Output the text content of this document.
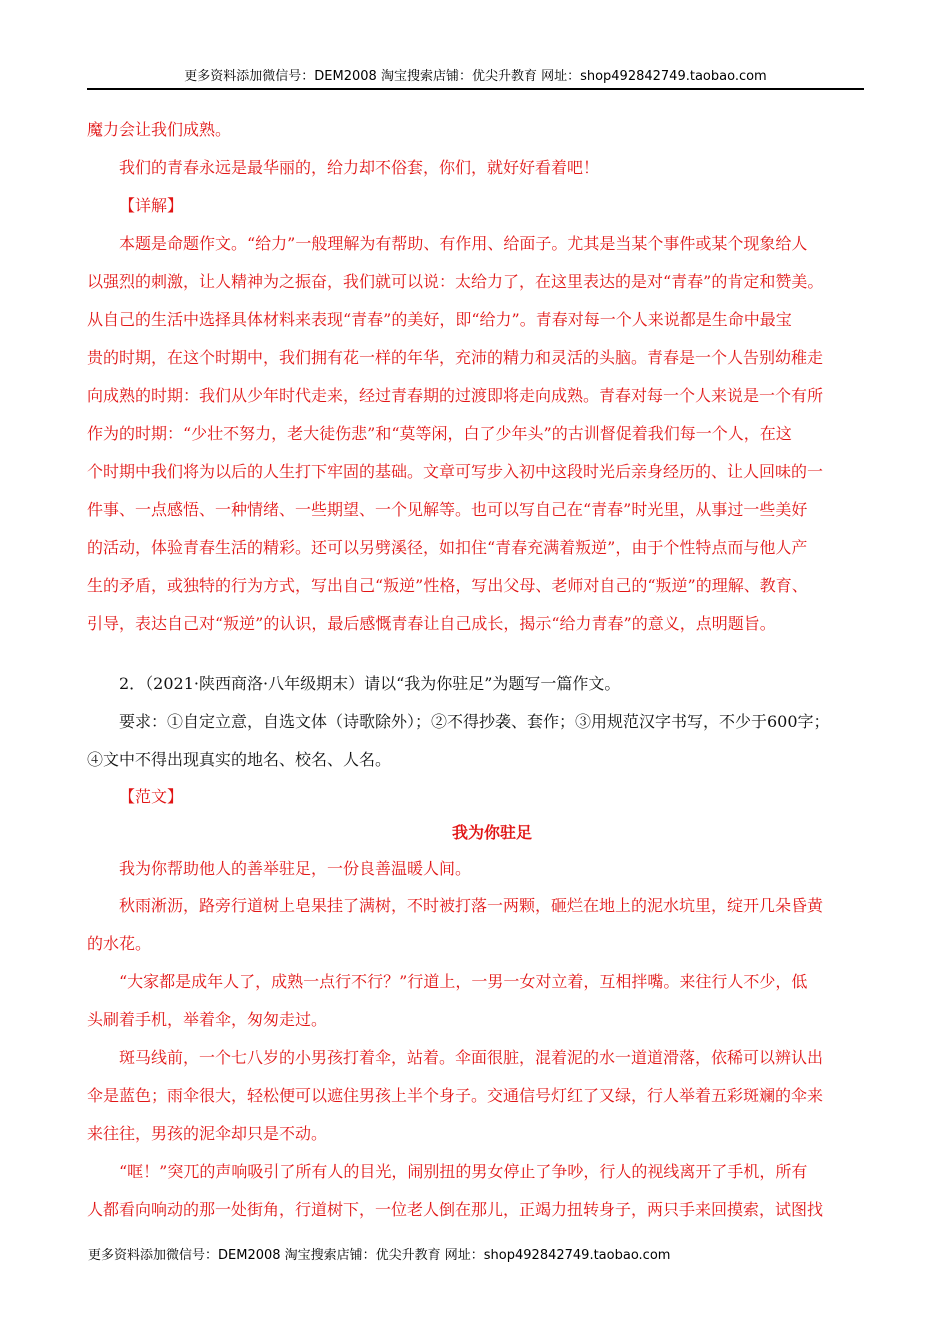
更多资料添加微信号：DEM2008 淘宝搜索店铺：优尖升教育 网址：shop492842749.taobao.com
魔力会让我们成熟。
我们的青春永远是最华丽的，给力却不俗套，你们，就好好看着吧！
【详解】
本题是命题作文。“给力”一般理解为有帮助、有作用、给面子。尤其是当某个事件或某个现象给人
以强烈的刺激，让人精神为之振奋，我们就可以说：太给力了，在这里表达的是对“青春”的肯定和赞美。
从自己的生活中选择具体材料来表现“青春”的美好，即“给力”。青春对每一个人来说都是生命中最宝
贵的时期，在这个时期中，我们拥有花一样的年华，充沛的精力和灵活的头脑。青春是一个人告别幼稚走
向成熟的时期：我们从少年时代走来，经过青春期的过渡即将走向成熟。青春对每一个人来说是一个有所
作为的时期：“少壮不努力，老大徒伤悲”和“莫等闲，白了少年头”的古训督促着我们每一个人，在这
个时期中我们将为以后的人生打下牢固的基础。文章可写步入初中这段时光后亲身经历的、让人回味的一
件事、一点感悟、一种情绪、一些期望、一个见解等。也可以写自己在“青春”时光里，从事过一些美好
的活动，体验青春生活的精彩。还可以另劈溪径，如扣住“青春充满着叛逆”，由于个性特点而与他人产
生的矛盾，或独特的行为方式，写出自己“叛逆”性格，写出父母、老师对自己的“叛逆”的理解、教育、
引导，表达自己对“叛逆”的认识，最后感慨青春让自己成长，揭示“给力青春”的意义，点明题旨。
2．（2021·陕西商洛·八年级期末）请以“我为你驻足”为题写一篇作文。
要求：①自定立意，自选文体（诗歌除外）；②不得抄袭、套作；③用规范汉字书写，不少于600字；
④文中不得出现真实的地名、校名、人名。
【范文】
我为你驻足
我为你帮助他人的善举驻足，一份良善温暖人间。
秋雨淅沥，路旁行道树上皂果挂了满树，不时被打落一两颗，砸烂在地上的泥水坑里，绽开几朵昏黄
的水花。
“大家都是成年人了，成熟一点行不行？”行道上，一男一女对立着，互相拌嘴。来往行人不少，低
头刷着手机，举着伞，匆匆走过。
斑马线前，一个七八岁的小男孩打着伞，站着。伞面很脏，混着泥的水一道道滑落，依稀可以辨认出
伞是蓝色；雨伞很大，轻松便可以遮住男孩上半个身子。交通信号灯红了又绿，行人举着五彩斑斓的伞来
来往往，男孩的泥伞却只是不动。
“哐！”突兀的声响吸引了所有人的目光，闹别扭的男女停止了争吵，行人的视线离开了手机，所有
人都看向响动的那一处街角，行道树下，一位老人倒在那儿，正竭力扭转身子，两只手来回摸索，试图找
更多资料添加微信号：DEM2008 淘宝搜索店铺：优尖升教育 网址：shop492842749.taobao.com
